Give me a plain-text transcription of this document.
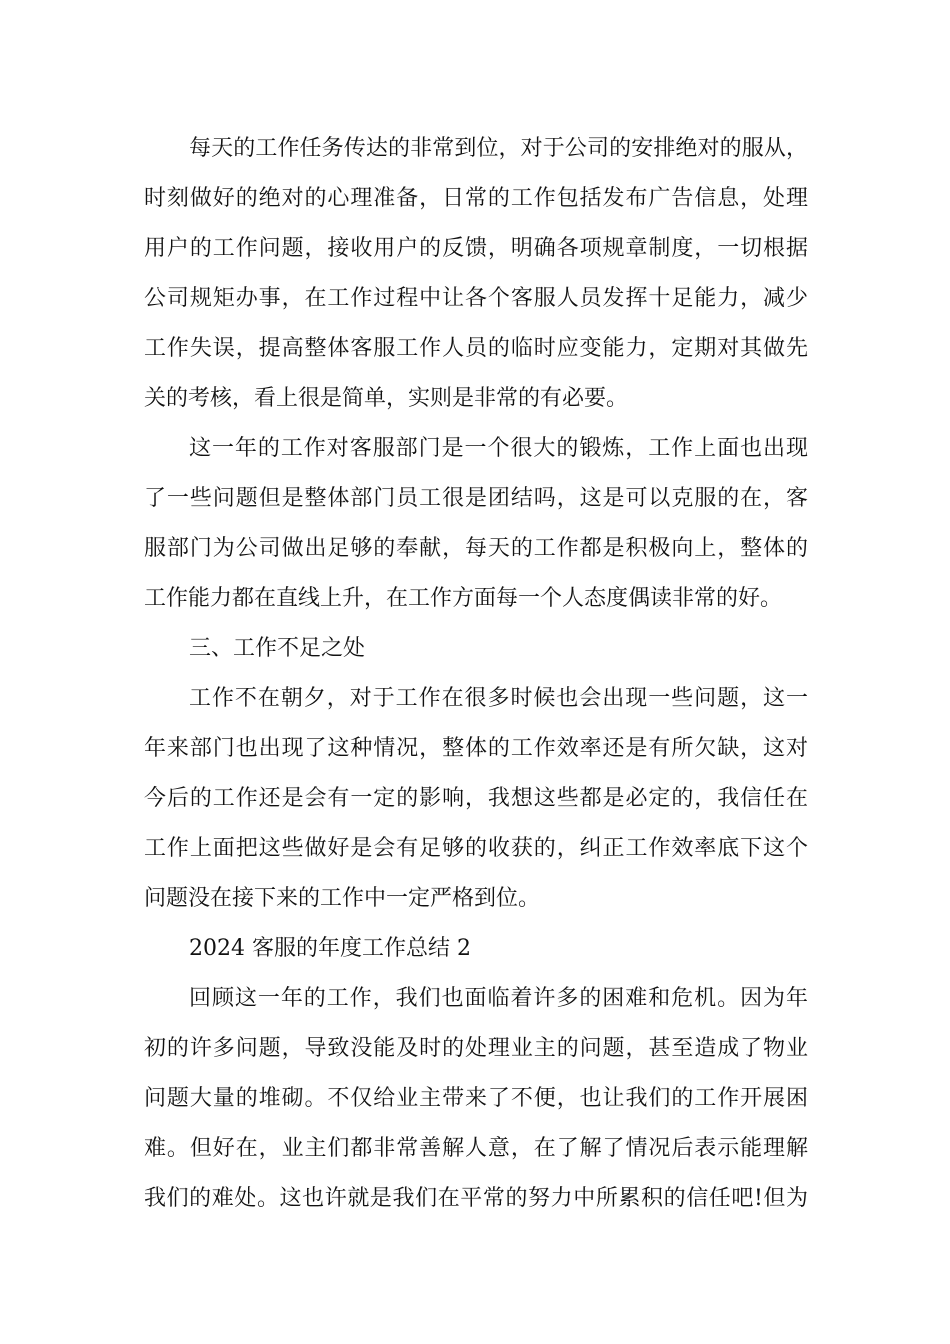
每天的工作任务传达的非常到位，对于公司的安排绝对的服从，
时刻做好的绝对的心理准备，日常的工作包括发布广告信息，处理
用户的工作问题，接收用户的反馈，明确各项规章制度，一切根据
公司规矩办事，在工作过程中让各个客服人员发挥十足能力，减少
工作失误，提高整体客服工作人员的临时应变能力，定期对其做先
关的考核，看上很是简单，实则是非常的有必要。
这一年的工作对客服部门是一个很大的锻炼，工作上面也出现
了一些问题但是整体部门员工很是团结吗，这是可以克服的在，客
服部门为公司做出足够的奉献，每天的工作都是积极向上，整体的
工作能力都在直线上升，在工作方面每一个人态度偶读非常的好。
三、工作不足之处
工作不在朝夕，对于工作在很多时候也会出现一些问题，这一
年来部门也出现了这种情况，整体的工作效率还是有所欠缺，这对
今后的工作还是会有一定的影响，我想这些都是必定的，我信任在
工作上面把这些做好是会有足够的收获的，纠正工作效率底下这个
问题没在接下来的工作中一定严格到位。
2024 客服的年度工作总结 2
回顾这一年的工作，我们也面临着许多的困难和危机。因为年
初的许多问题，导致没能及时的处理业主的问题，甚至造成了物业
问题大量的堆砌。不仅给业主带来了不便，也让我们的工作开展困
难。但好在，业主们都非常善解人意，在了解了情况后表示能理解
我们的难处。这也许就是我们在平常的努力中所累积的信任吧!但为
